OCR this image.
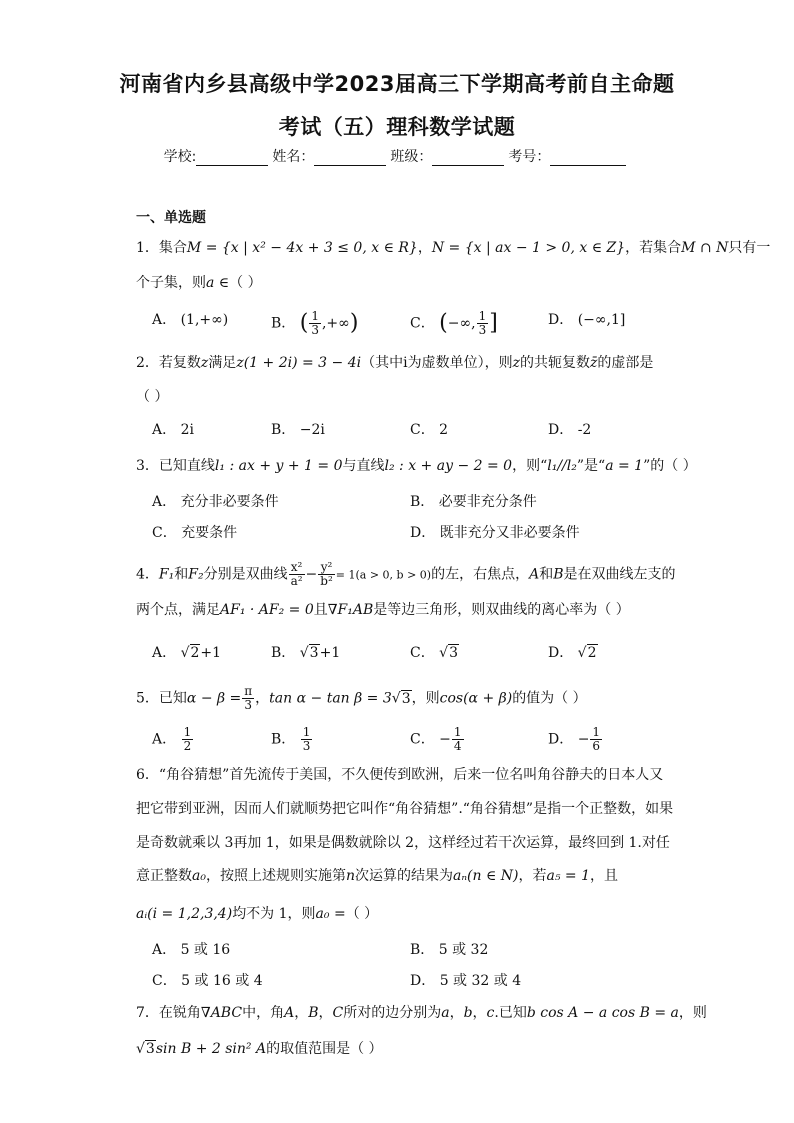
河南省内乡县高级中学2023届高三下学期高考前自主命题
考试（五）理科数学试题
学校:	姓名：	班级：	考号：
一、单选题
1．集合M = {x | x² − 4x + 3 ≤ 0, x ∈ R}，N = {x | ax − 1 > 0, x ∈ Z}，若集合M ∩ N只有一
个子集，则a ∈（ ）
A． (1,+∞)	B． ( $\frac{1}{3}$ ,+∞)	C． (−∞, $\frac{1}{3}$ ]	D． (−∞,1]
2．若复数z满足z(1 + 2i) = 3 − 4i（其中i为虚数单位），则z的共轭复数z̄的虚部是
（ ）
A． 2i	B． −2i	C． 2	D． -2
3．已知直线l₁ : ax + y + 1 = 0与直线l₂ : x + ay − 2 = 0，则“l₁//l₂”是“a = 1”的（ ）
A． 充分非必要条件	B． 必要非充分条件
C． 充要条件	D． 既非充分又非必要条件
4．F₁和F₂分别是双曲线 $\frac{\text{x²}}{\text{a²}} - \frac{\text{y²}}{\text{b²}} = 1(a > 0$, b > 0)的左，右焦点，A和B是在双曲线左支的
两个点，满足AF₁ · AF₂ = 0且∇F₁AB是等边三角形，则双曲线的离心率为（ ）
A． √2+1	B． √3+1	C． √3	D． √2
5．已知$\alpha - \beta = \frac{\pi}{3}$ ，tan α − tan β = 3√3，则cos(α + β)的值为（ ）
A． $\frac{1}{2}$	B． $\frac{1}{3}$	C． − $\frac{1}{4}$	D． − $\frac{1}{6}$
6．“角谷猜想”首先流传于美国，不久便传到欧洲，后来一位名叫角谷静夫的日本人又
把它带到亚洲，因而人们就顺势把它叫作“角谷猜想”.“角谷猜想”是指一个正整数，如果
是奇数就乘以 3再加 1，如果是偶数就除以 2，这样经过若干次运算，最终回到 1.对任
意正整数a₀，按照上述规则实施第n次运算的结果为aₙ(n ∈ N)，若a₅ = 1，且
aᵢ(i = 1,2,3,4)均不为 1，则a₀ =（ ）
A． 5 或 16	B． 5 或 32
C． 5 或 16 或 4	D． 5 或 32 或 4
7．在锐角∇ABC中，角A，B，C所对的边分别为a，b，c.已知b cos A − a cos B = a，则
√3sin B + 2 sin² A的取值范围是（ ）
